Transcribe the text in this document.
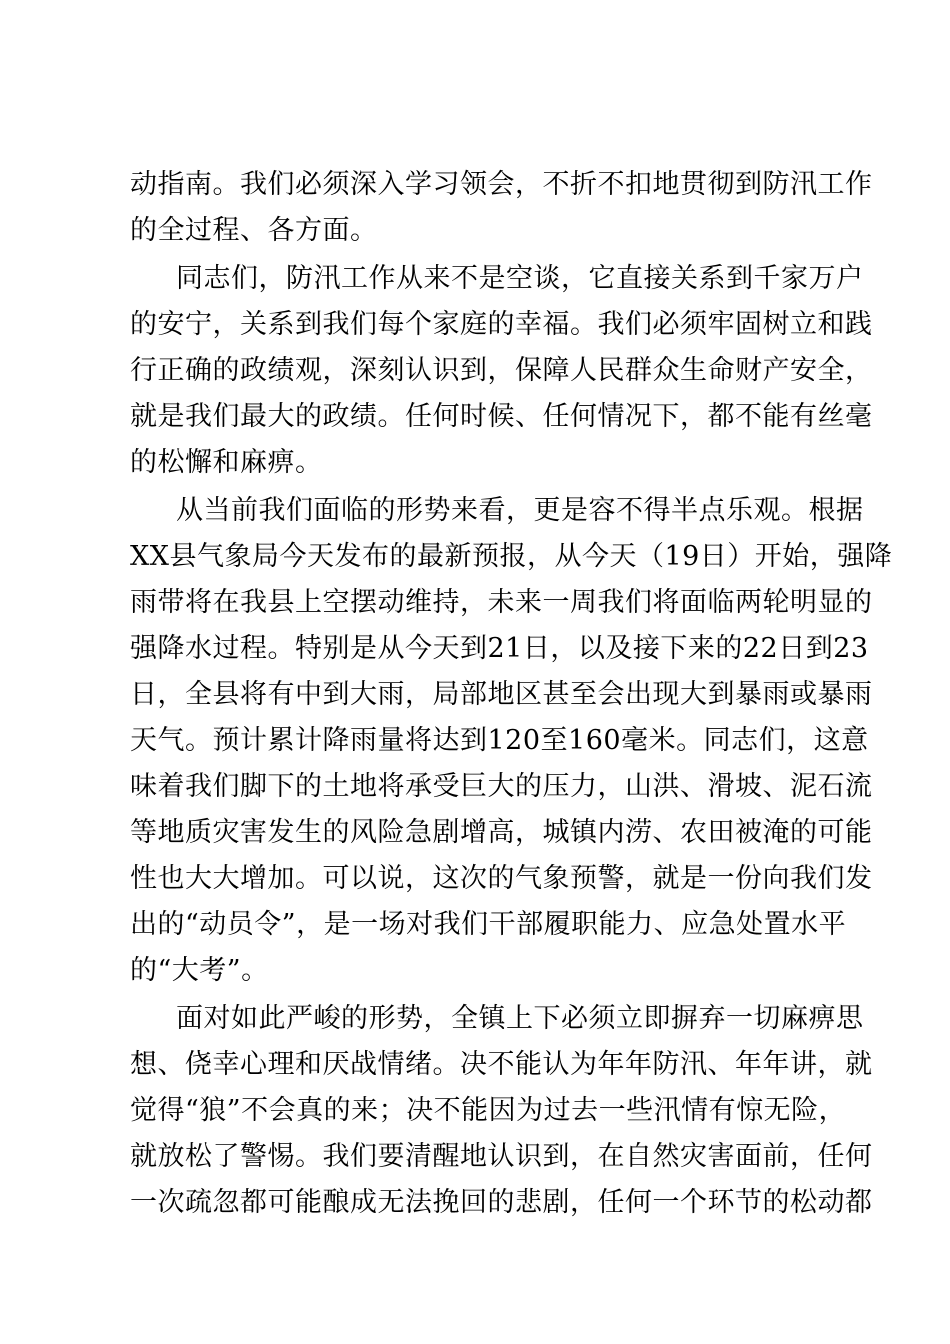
动指南。我们必须深入学习领会，不折不扣地贯彻到防汛工作
的全过程、各方面。

同志们，防汛工作从来不是空谈，它直接关系到千家万户
的安宁，关系到我们每个家庭的幸福。我们必须牢固树立和践
行正确的政绩观，深刻认识到，保障人民群众生命财产安全，
就是我们最大的政绩。任何时候、任何情况下，都不能有丝毫
的松懈和麻痹。

从当前我们面临的形势来看，更是容不得半点乐观。根据
XX县气象局今天发布的最新预报，从今天（19日）开始，强降
雨带将在我县上空摆动维持，未来一周我们将面临两轮明显的
强降水过程。特别是从今天到21日，以及接下来的22日到23
日，全县将有中到大雨，局部地区甚至会出现大到暴雨或暴雨
天气。预计累计降雨量将达到120至160毫米。同志们，这意
味着我们脚下的土地将承受巨大的压力，山洪、滑坡、泥石流
等地质灾害发生的风险急剧增高，城镇内涝、农田被淹的可能
性也大大增加。可以说，这次的气象预警，就是一份向我们发
出的“动员令”，是一场对我们干部履职能力、应急处置水平
的“大考”。

面对如此严峻的形势，全镇上下必须立即摒弃一切麻痹思
想、侥幸心理和厌战情绪。决不能认为年年防汛、年年讲，就
觉得“狼”不会真的来；决不能因为过去一些汛情有惊无险，
就放松了警惕。我们要清醒地认识到，在自然灾害面前，任何
一次疏忽都可能酿成无法挽回的悲剧，任何一个环节的松动都
